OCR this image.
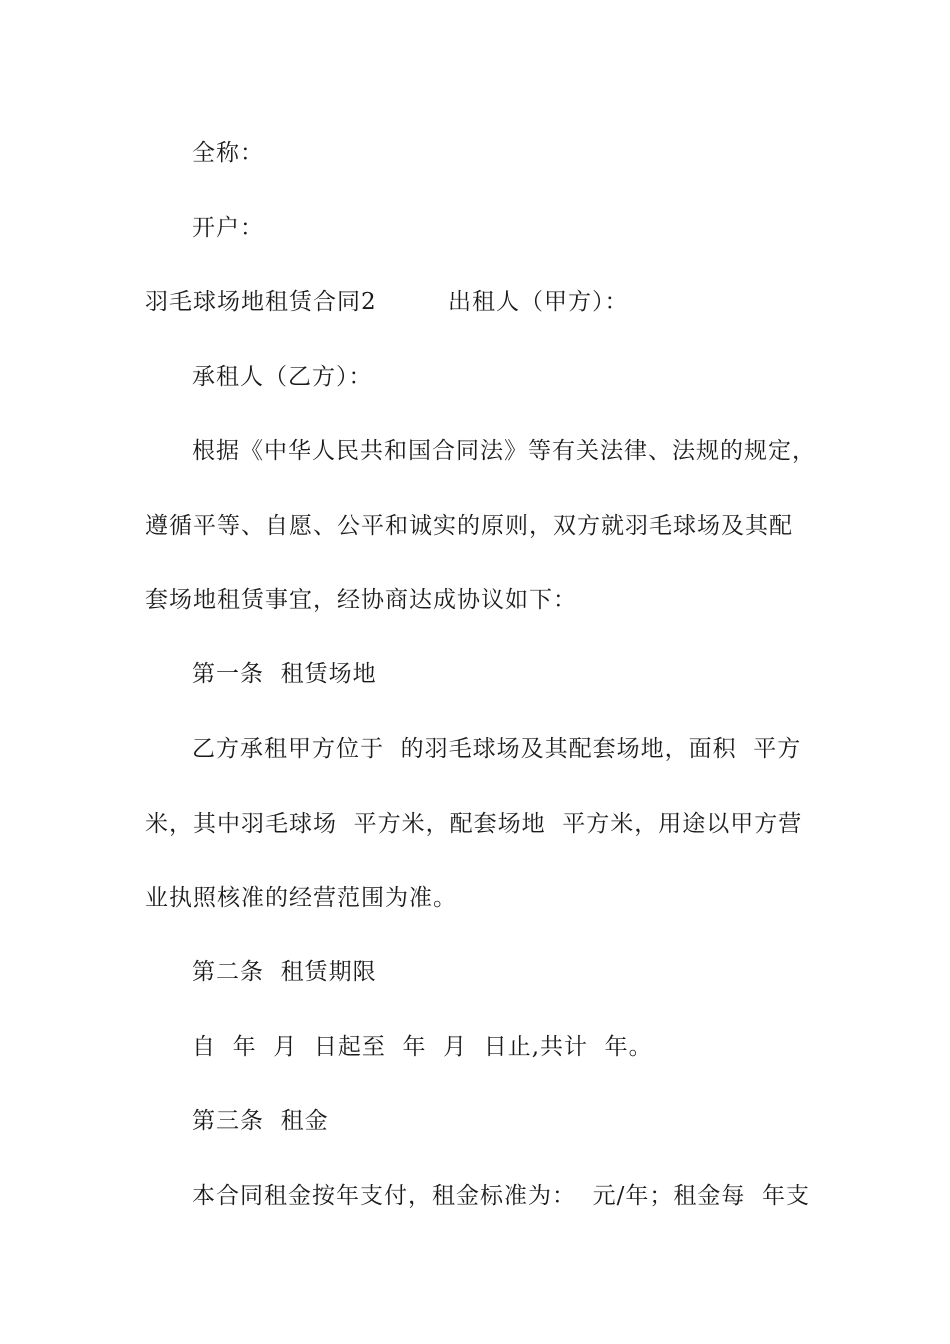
全称：
开户：
羽毛球场地租赁合同2	出租人（甲方）：
承租人（乙方）：
根据《中华人民共和国合同法》等有关法律、法规的规定，
遵循平等、自愿、公平和诚实的原则，双方就羽毛球场及其配
套场地租赁事宜，经协商达成协议如下：
第一条  租赁场地
乙方承租甲方位于  的羽毛球场及其配套场地，面积  平方
米，其中羽毛球场  平方米，配套场地  平方米，用途以甲方营
业执照核准的经营范围为准。
第二条  租赁期限
自  年  月  日起至  年  月  日止,共计  年。
第三条  租金
本合同租金按年支付，租金标准为：  元/年；租金每  年支
